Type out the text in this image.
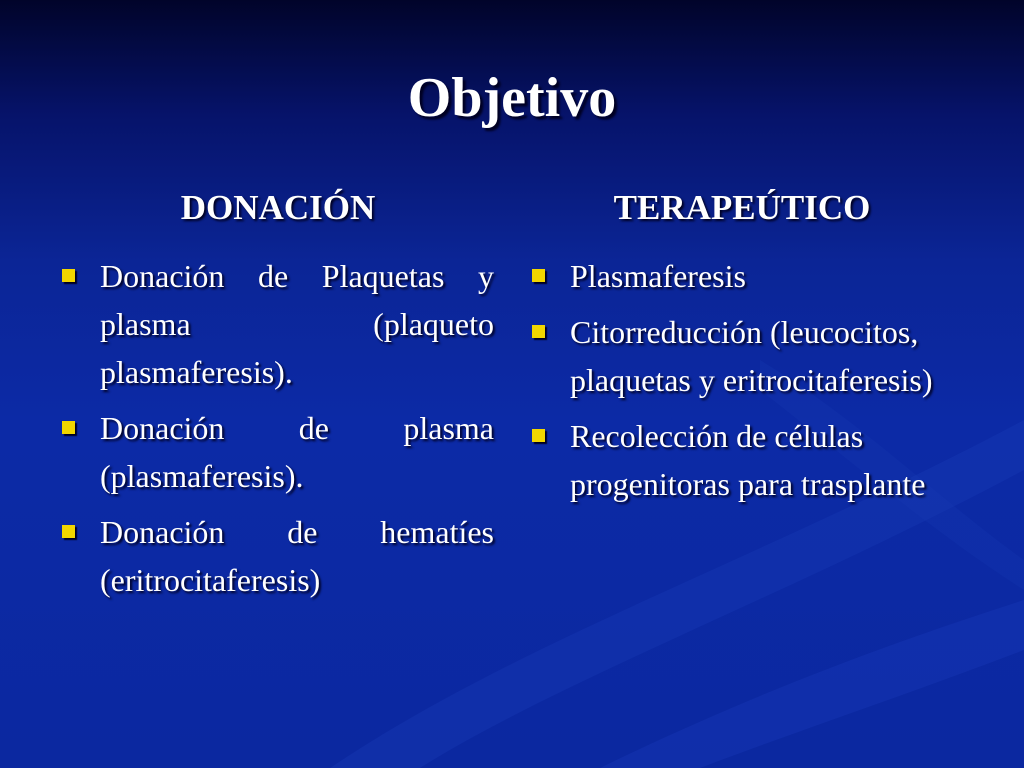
Objetivo
DONACIÓN
Donación de Plaquetas y plasma (plaqueto plasmaferesis).
Donación de plasma (plasmaferesis).
Donación de hematíes (eritrocitaferesis)
TERAPEÚTICO
Plasmaferesis
Citorreducción (leucocitos, plaquetas y eritrocitaferesis)
Recolección de células progenitoras para trasplante
